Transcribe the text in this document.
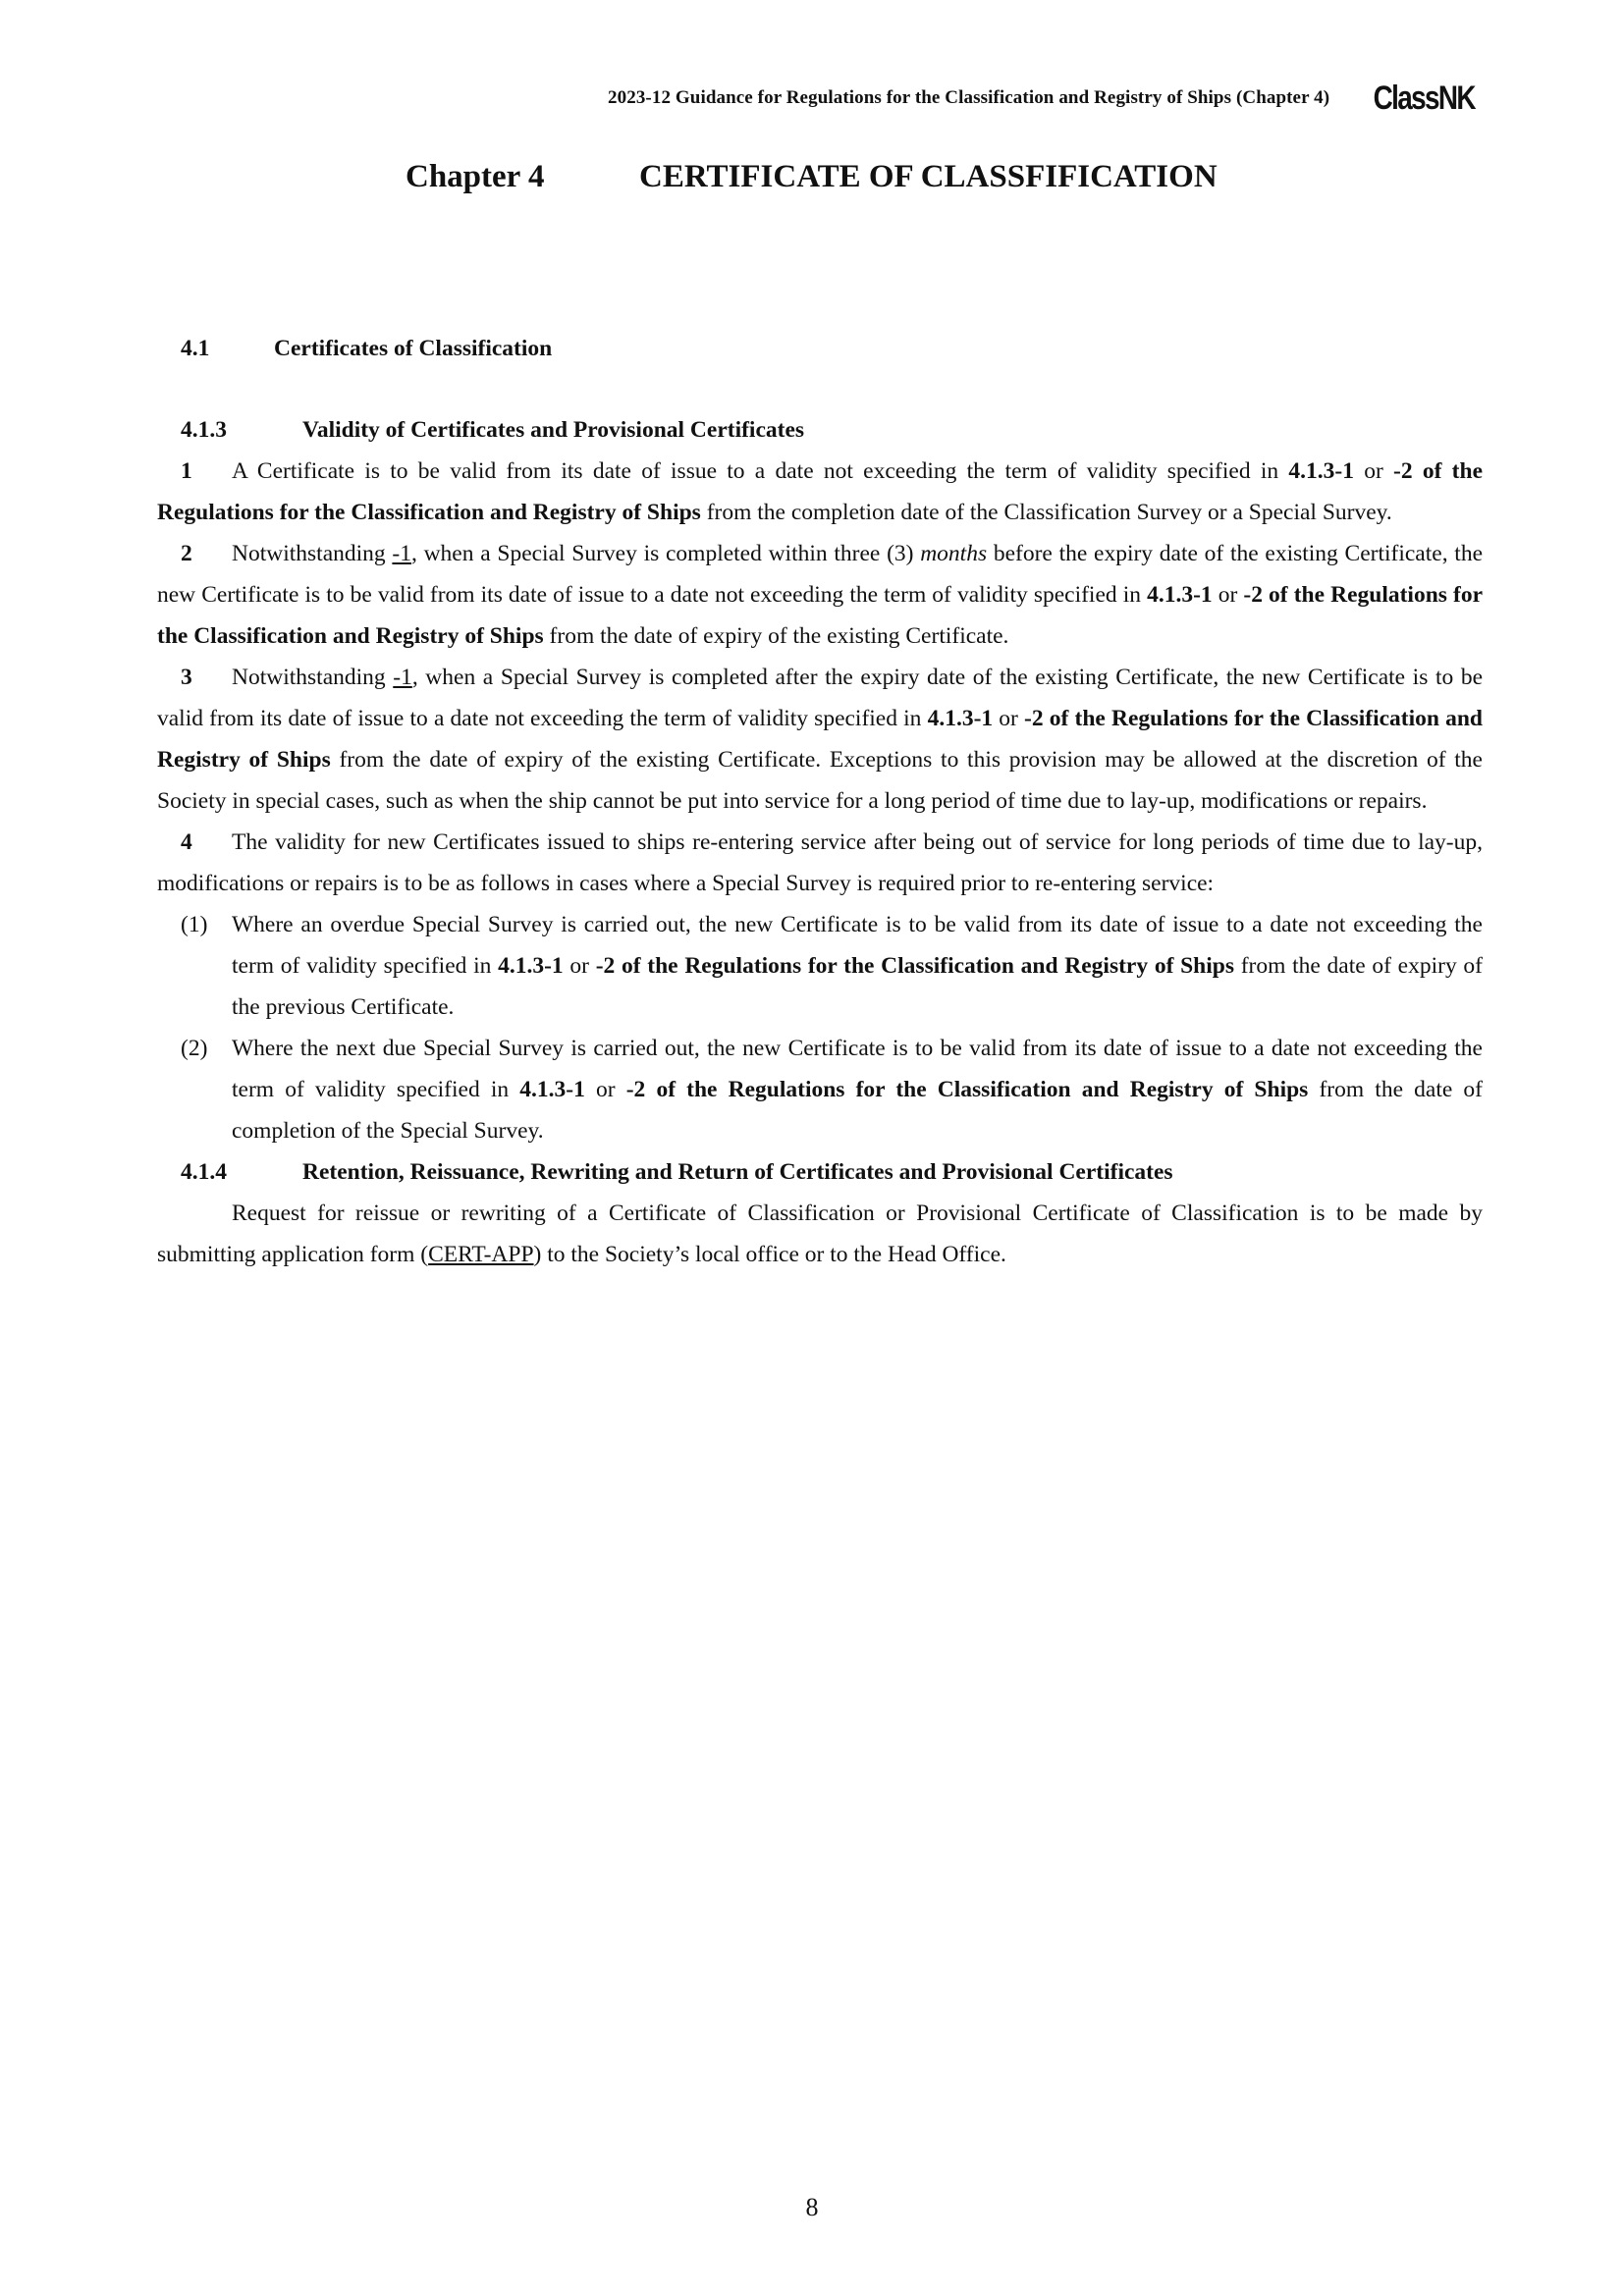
2023-12 Guidance for Regulations for the Classification and Registry of Ships (Chapter 4) ClassNK
Chapter 4	CERTIFICATE OF CLASSFIFICATION
4.1	Certificates of Classification
4.1.3	Validity of Certificates and Provisional Certificates
1 A Certificate is to be valid from its date of issue to a date not exceeding the term of validity specified in 4.1.3-1 or -2 of the Regulations for the Classification and Registry of Ships from the completion date of the Classification Survey or a Special Survey.
2 Notwithstanding -1, when a Special Survey is completed within three (3) months before the expiry date of the existing Certificate, the new Certificate is to be valid from its date of issue to a date not exceeding the term of validity specified in 4.1.3-1 or -2 of the Regulations for the Classification and Registry of Ships from the date of expiry of the existing Certificate.
3 Notwithstanding -1, when a Special Survey is completed after the expiry date of the existing Certificate, the new Certificate is to be valid from its date of issue to a date not exceeding the term of validity specified in 4.1.3-1 or -2 of the Regulations for the Classification and Registry of Ships from the date of expiry of the existing Certificate. Exceptions to this provision may be allowed at the discretion of the Society in special cases, such as when the ship cannot be put into service for a long period of time due to lay-up, modifications or repairs.
4 The validity for new Certificates issued to ships re-entering service after being out of service for long periods of time due to lay-up, modifications or repairs is to be as follows in cases where a Special Survey is required prior to re-entering service:
(1)	Where an overdue Special Survey is carried out, the new Certificate is to be valid from its date of issue to a date not exceeding the term of validity specified in 4.1.3-1 or -2 of the Regulations for the Classification and Registry of Ships from the date of expiry of the previous Certificate.
(2)	Where the next due Special Survey is carried out, the new Certificate is to be valid from its date of issue to a date not exceeding the term of validity specified in 4.1.3-1 or -2 of the Regulations for the Classification and Registry of Ships from the date of completion of the Special Survey.
4.1.4	Retention, Reissuance, Rewriting and Return of Certificates and Provisional Certificates
Request for reissue or rewriting of a Certificate of Classification or Provisional Certificate of Classification is to be made by submitting application form (CERT-APP) to the Society’s local office or to the Head Office.
8
